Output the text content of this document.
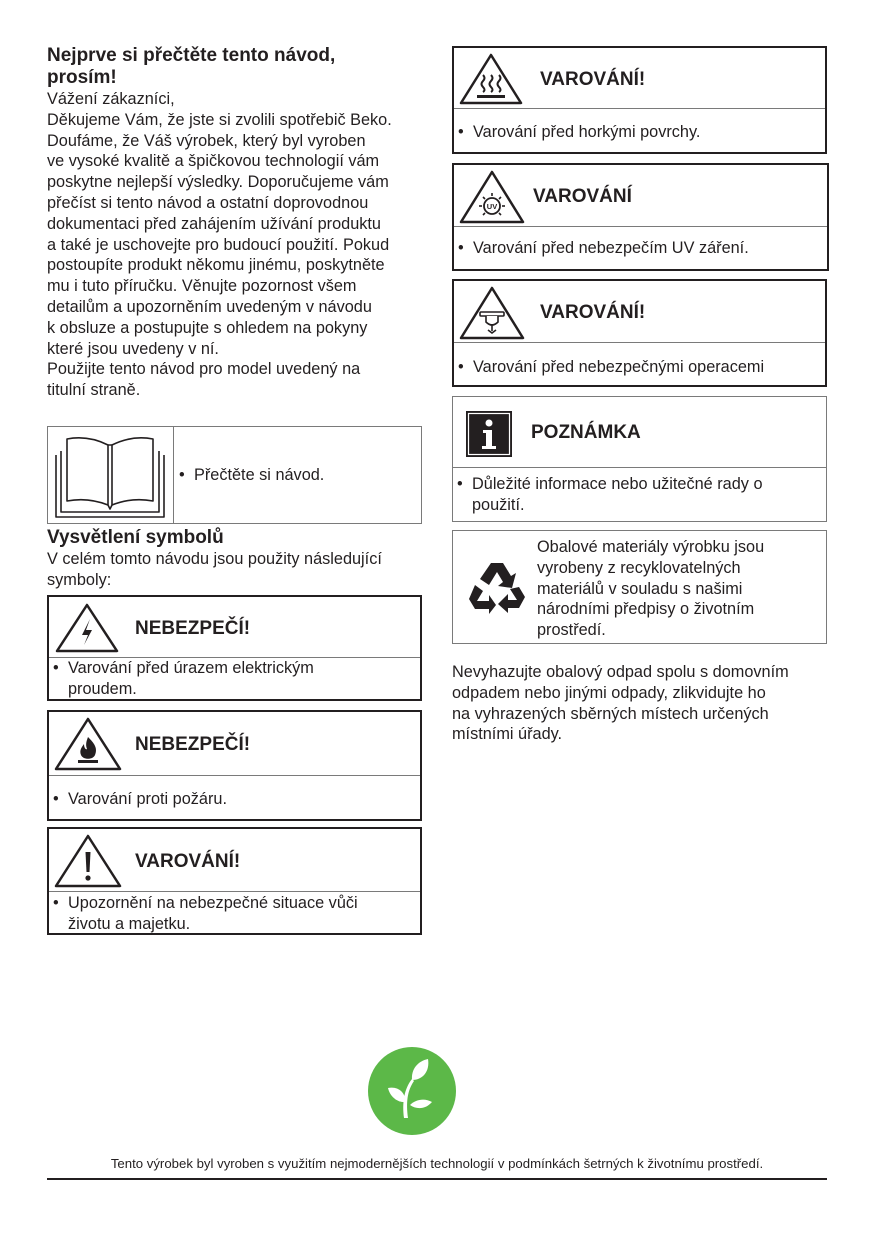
Nejprve si přečtěte tento návod,
prosím!
Vážení zákazníci,
Děkujeme Vám, že jste si zvolili spotřebič Beko.
Doufáme, že Váš výrobek, který byl vyroben
ve vysoké kvalitě a špičkovou technologií vám
poskytne nejlepší výsledky. Doporučujeme vám
přečíst si tento návod a ostatní doprovodnou
dokumentaci před zahájením užívání produktu
a také je uschovejte pro budoucí použití. Pokud
postoupíte produkt někomu jinému, poskytněte
mu i tuto příručku. Věnujte pozornost všem
detailům a upozorněním uvedeným v návodu
k obsluze a postupujte s ohledem na pokyny
které jsou uvedeny v ní.
Použijte tento návod pro model uvedený na
titulní straně.
• Přečtěte si návod.
Vysvětlení symbolů
V celém tomto návodu jsou použity následující
symboly:
NEBEZPEČÍ!
• Varování před úrazem elektrickým
proudem.
NEBEZPEČÍ!
• Varování proti požáru.
VAROVÁNÍ!
• Upozornění na nebezpečné situace vůči
životu a majetku.
VAROVÁNÍ!
• Varování před horkými povrchy.
UV VAROVÁNÍ
• Varování před nebezpečím UV záření.
VAROVÁNÍ!
• Varování před nebezpečnými operacemi
POZNÁMKA
• Důležité informace nebo užitečné rady o
použití.
Obalové materiály výrobku jsou
vyrobeny z recyklovatelných
materiálů v souladu s našimi
národními předpisy o životním
prostředí.
Nevyhazujte obalový odpad spolu s domovním
odpadem nebo jinými odpady, zlikvidujte ho
na vyhrazených sběrných místech určených
místními úřady.
Tento výrobek byl vyroben s využitím nejmodernějších technologií v podmínkách šetrných k životnímu prostředí.
